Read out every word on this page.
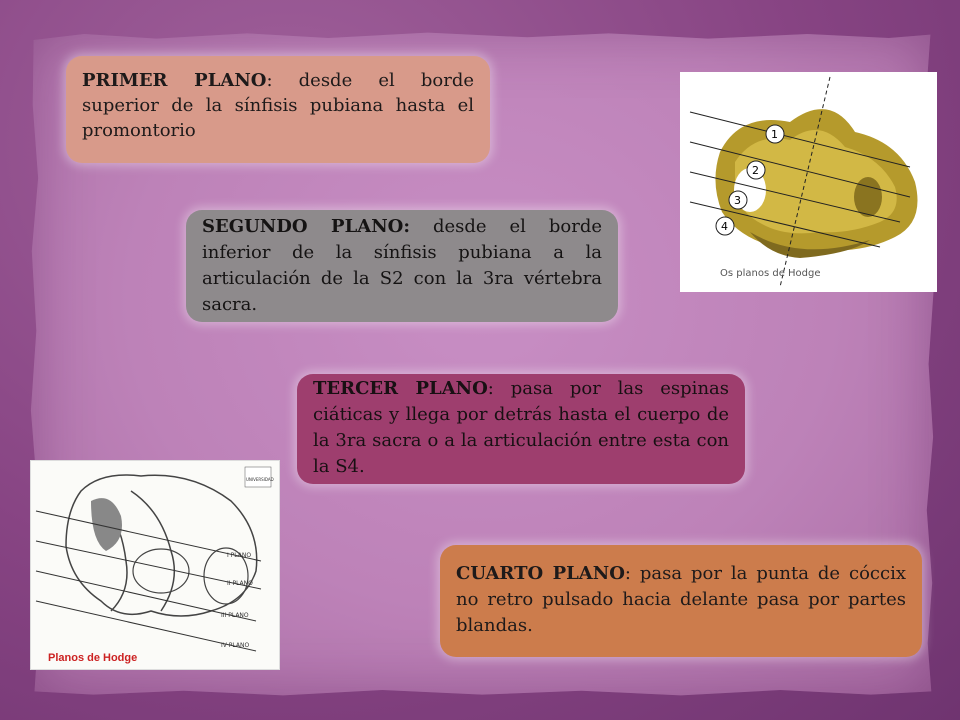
PRIMER PLANO: desde el borde superior de la sínfisis pubiana hasta el promontorio
SEGUNDO PLANO: desde el borde inferior de la sínfisis pubiana a la articulación de la S2 con la 3ra vértebra sacra.
TERCER PLANO: pasa por las espinas ciáticas y llega por detrás hasta el cuerpo de la 3ra sacra o a la articulación entre esta con la S4.
CUARTO PLANO: pasa por la punta de cóccix no retro pulsado hacia delante pasa por partes blandas.
1
2
3
4
Os planos de Hodge
I PLANO
II PLANO
III PLANO
IV PLANO
UNIVERSIDAD
Planos de Hodge
